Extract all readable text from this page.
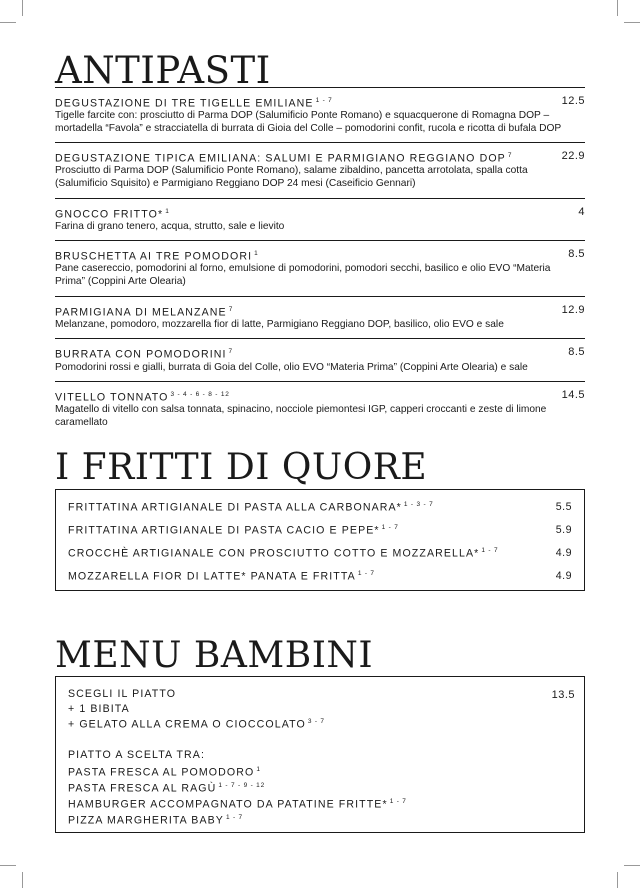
ANTIPASTI
DEGUSTAZIONE DI TRE TIGELLE EMILIANE $^{1 - 7}$
Tigelle farcite con: prosciutto di Parma DOP (Salumificio Ponte Romano) e squacquerone di Romagna DOP – mortadella “Favola” e stracciatella di burrata di Gioia del Colle – pomodorini confit, rucola e ricotta di bufala DOP
12.5
DEGUSTAZIONE TIPICA EMILIANA: SALUMI E PARMIGIANO REGGIANO DOP $^7$
Prosciutto di Parma DOP (Salumificio Ponte Romano), salame zibaldino, pancetta arrotolata, spalla cotta (Salumificio Squisito) e Parmigiano Reggiano DOP 24 mesi (Caseificio Gennari)
22.9
GNOCCO FRITTO* $^1$
Farina di grano tenero, acqua, strutto, sale e lievito
4
BRUSCHETTA AI TRE POMODORI $^1$
Pane casereccio, pomodorini al forno, emulsione di pomodorini, pomodori secchi, basilico e olio EVO “Materia Prima” (Coppini Arte Olearia)
8.5
PARMIGIANA DI MELANZANE $^7$
Melanzane, pomodoro, mozzarella fior di latte, Parmigiano Reggiano DOP, basilico, olio EVO e sale
12.9
BURRATA CON POMODORINI $^7$
Pomodorini rossi e gialli, burrata di Goia del Colle, olio EVO “Materia Prima” (Coppini Arte Olearia) e sale
8.5
VITELLO TONNATO $^{3 - 4 - 6 - 8 - 12}$
Magatello di vitello con salsa tonnata, spinacino, nocciole piemontesi IGP, capperi croccanti e zeste di limone caramellato
14.5
I FRITTI DI QUORE
FRITTATINA ARTIGIANALE DI PASTA ALLA CARBONARA* $^{1 - 3 - 7}$	5.5
FRITTATINA ARTIGIANALE DI PASTA CACIO E PEPE* $^{1 - 7}$	5.9
CROCCHÈ ARTIGIANALE CON PROSCIUTTO COTTO E MOZZARELLA* $^{1 - 7}$	4.9
MOZZARELLA FIOR DI LATTE* PANATA E FRITTA $^{1 - 7}$	4.9
MENU BAMBINI
13.5
SCEGLI IL PIATTO
+ 1 BIBITA
+ GELATO ALLA CREMA O CIOCCOLATO $^{3 - 7}$
PIATTO A SCELTA TRA:
PASTA FRESCA AL POMODORO $^1$
PASTA FRESCA AL RAGÙ $^{1 - 7 - 9 - 12}$
HAMBURGER ACCOMPAGNATO DA PATATINE FRITTE* $^{1 - 7}$
PIZZA MARGHERITA BABY $^{1 - 7}$
